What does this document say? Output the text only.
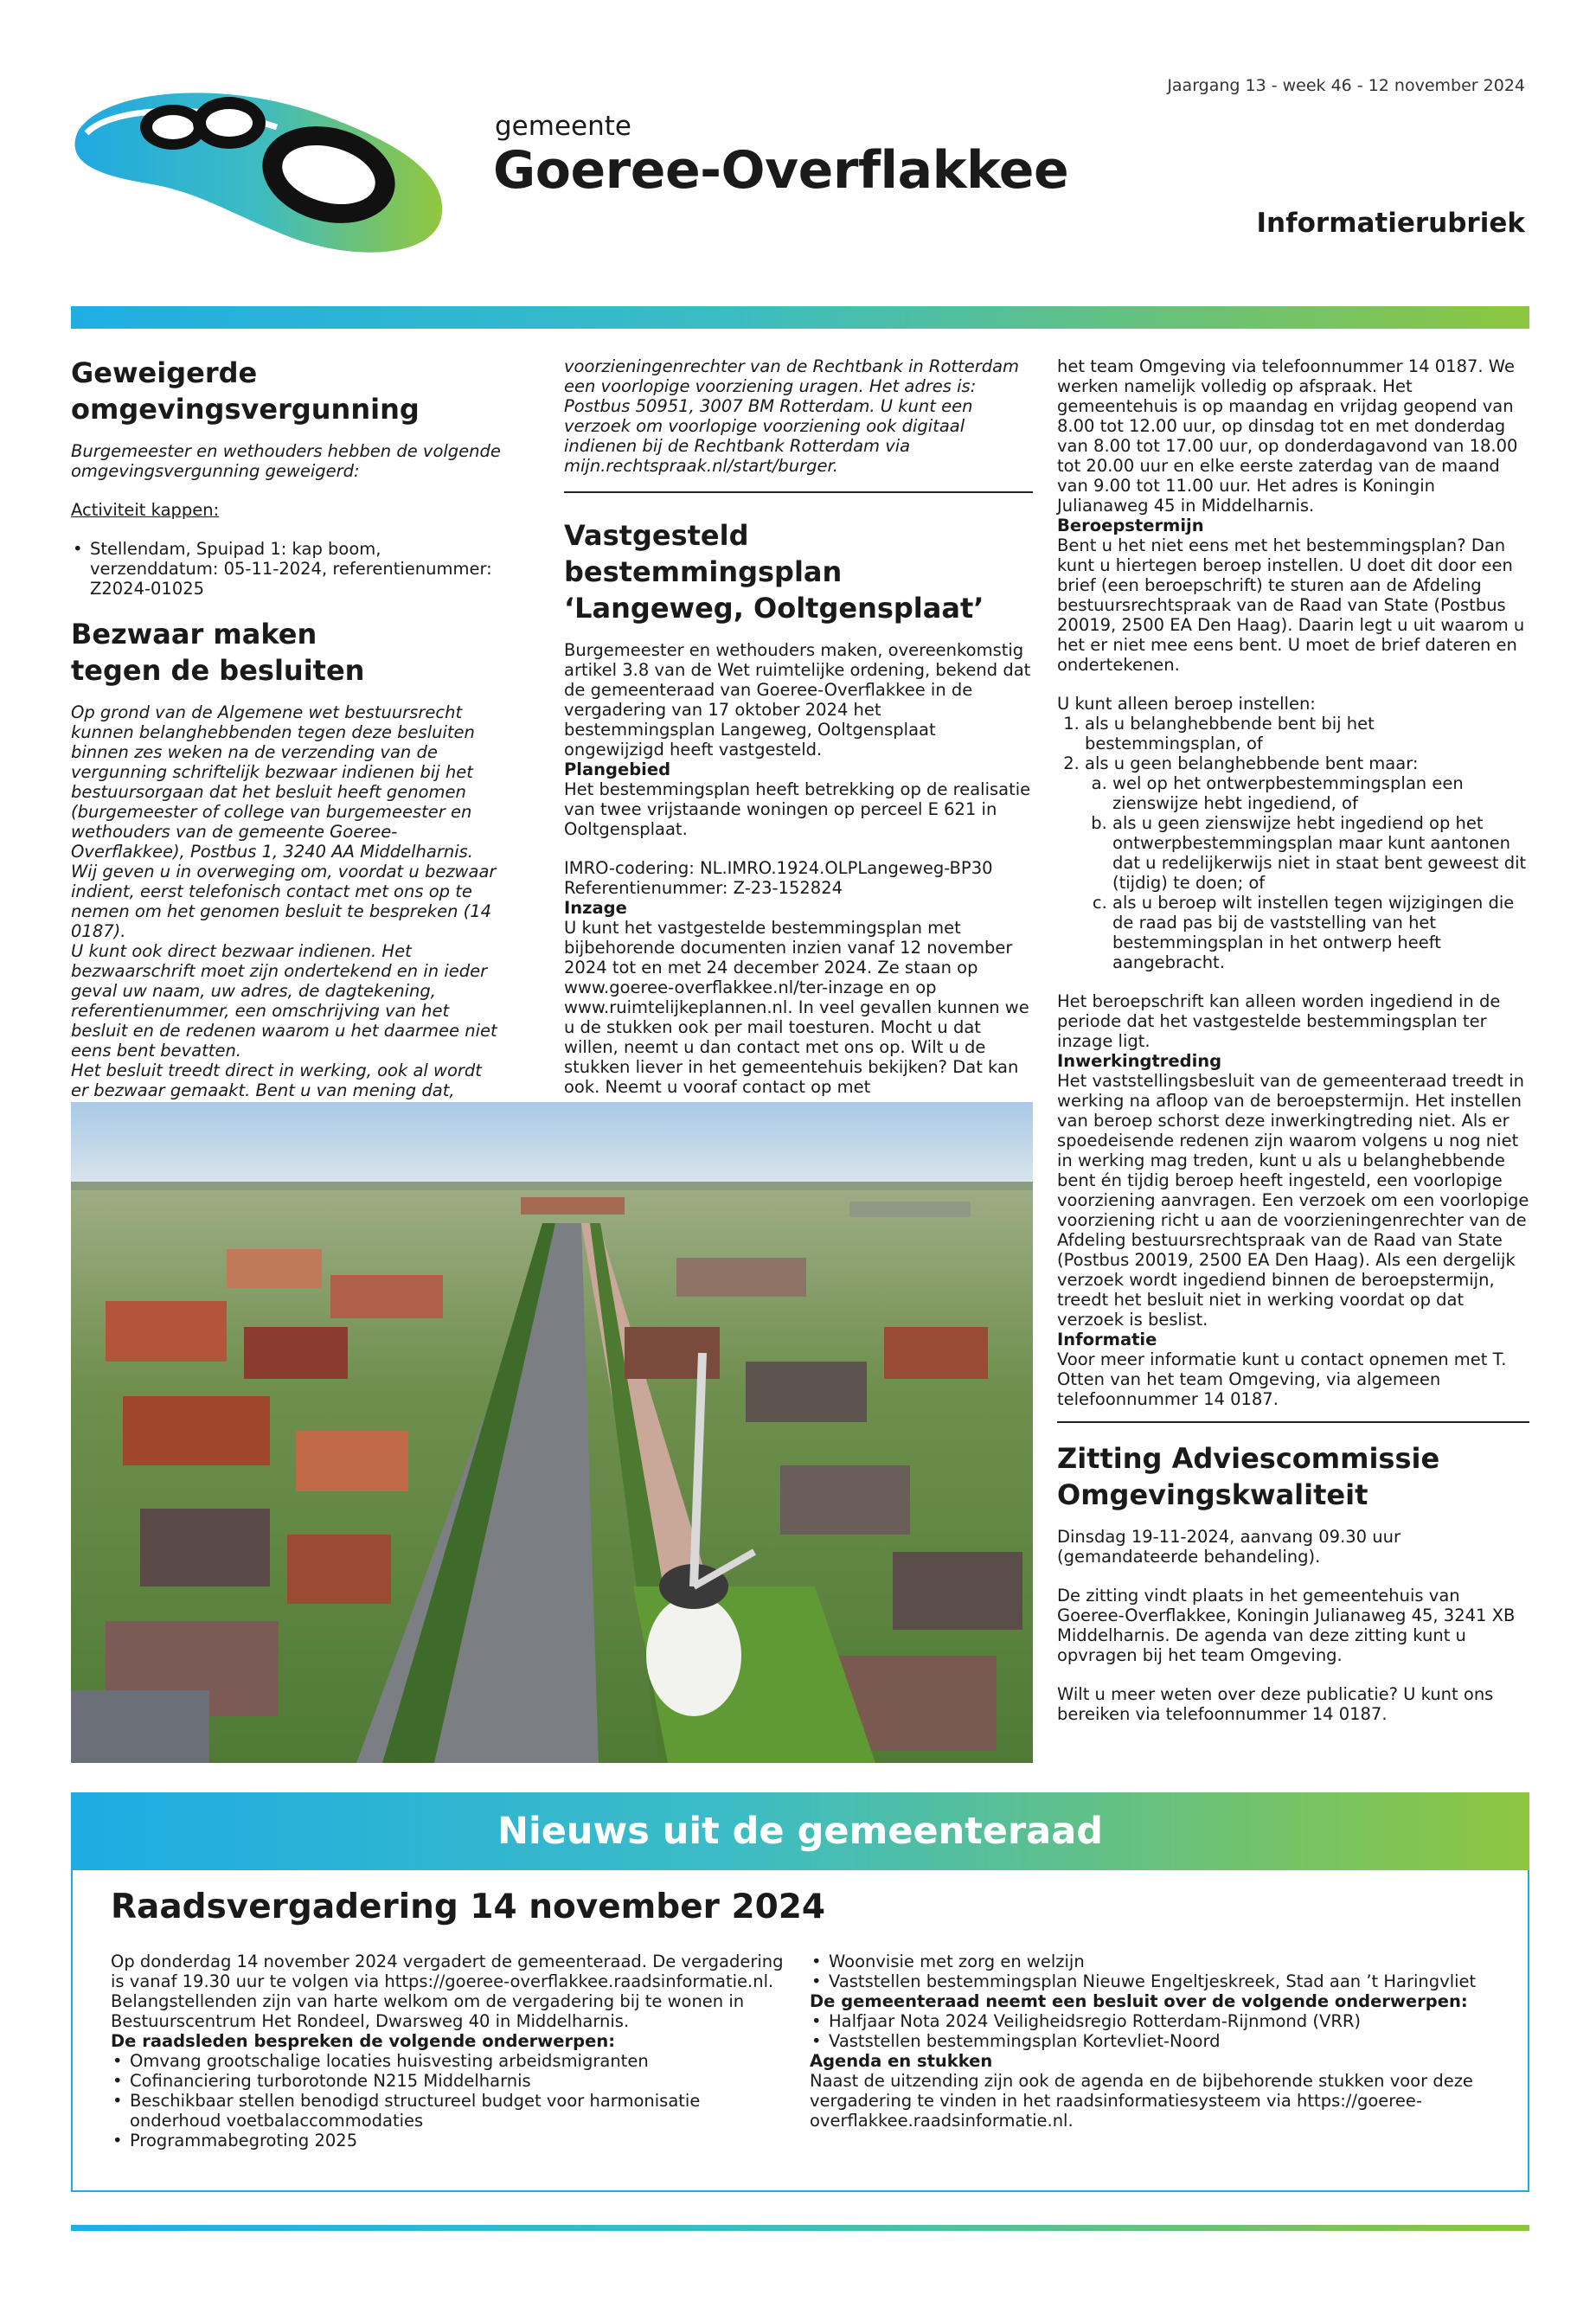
Jaargang 13 - week 46 - 12 november 2024
gemeente
Goeree-Overflakkee
Informatierubriek
Geweigerde
omgevingsvergunning

Burgemeester en wethouders hebben de volgende omgevingsvergunning geweigerd:

Activiteit kappen:

• Stellendam, Spuipad 1: kap boom, verzenddatum: 05-11-2024, referentienummer: Z2024-01025
Bezwaar maken
tegen de besluiten

Op grond van de Algemene wet bestuursrecht kunnen belanghebbenden tegen deze besluiten binnen zes weken na de verzending van de vergunning schriftelijk bezwaar indienen bij het bestuursorgaan dat het besluit heeft genomen (burgemeester of college van burgemeester en wethouders van de gemeente Goeree-Overflakkee), Postbus 1, 3240 AA Middelharnis.

Wij geven u in overweging om, voordat u bezwaar indient, eerst telefonisch contact met ons op te nemen om het genomen besluit te bespreken (14 0187).

U kunt ook direct bezwaar indienen. Het bezwaarschrift moet zijn ondertekend en in ieder geval uw naam, uw adres, de dagtekening, referentienummer, een omschrijving van het besluit en de redenen waarom u het daarmee niet eens bent bevatten.

Het besluit treedt direct in werking, ook al wordt er bezwaar gemaakt. Bent u van mening dat,

voorzieningenrechter van de Rechtbank in Rotterdam een voorlopige voorziening uragen. Het adres is: Postbus 50951, 3007 BM Rotterdam. U kunt een verzoek om voorlopige voorziening ook digitaal indienen bij de Rechtbank Rotterdam via mijn.rechtspraak.nl/start/burger.

Vastgesteld bestemmingsplan
‘Langeweg, Ooltgensplaat’

Burgemeester en wethouders maken, overeenkomstig artikel 3.8 van de Wet ruimtelijke ordening, bekend dat de gemeenteraad van Goeree-Overflakkee in de vergadering van 17 oktober 2024 het bestemmingsplan Langeweg, Ooltgensplaat ongewijzigd heeft vastgesteld.

Plangebied

Het bestemmingsplan heeft betrekking op de realisatie van twee vrijstaande woningen op perceel E 621 in Ooltgensplaat.

IMRO-codering: NL.IMRO.1924.OLPLangeweg-BP30

Referentienummer: Z-23-152824

Inzage

U kunt het vastgestelde bestemmingsplan met bijbehorende documenten inzien vanaf 12 november 2024 tot en met 24 december 2024. Ze staan op www.goeree-overflakkee.nl/ter-inzage en op www.ruimtelijkeplannen.nl. In veel gevallen kunnen we u de stukken ook per mail toesturen. Mocht u dat willen, neemt u dan contact met ons op. Wilt u de stukken liever in het gemeentehuis bekijken? Dat kan ook. Neemt u vooraf contact op met

het team Omgeving via telefoonnummer 14 0187. We werken namelijk volledig op afspraak. Het gemeentehuis is op maandag en vrijdag geopend van 8.00 tot 12.00 uur, op dinsdag tot en met donderdag van 8.00 tot 17.00 uur, op donderdagavond van 18.00 tot 20.00 uur en elke eerste zaterdag van de maand van 9.00 tot 11.00 uur. Het adres is Koningin Julianaweg 45 in Middelharnis.

Beroepstermijn

Bent u het niet eens met het bestemmingsplan? Dan kunt u hiertegen beroep instellen. U doet dit door een brief (een beroepschrift) te sturen aan de Afdeling bestuursrechtspraak van de Raad van State (Postbus 20019, 2500 EA Den Haag). Daarin legt u uit waarom u het er niet mee eens bent. U moet de brief dateren en ondertekenen.

U kunt alleen beroep instellen:

1. als u belanghebbende bent bij het bestemmingsplan, of
2. als u geen belanghebbende bent maar:
a. wel op het ontwerpbestemmingsplan een zienswijze hebt ingediend, of
b. als u geen zienswijze hebt ingediend op het ontwerpbestemmingsplan maar kunt aantonen dat u redelijkerwijs niet in staat bent geweest dit (tijdig) te doen; of
c. als u beroep wilt instellen tegen wijzigingen die de raad pas bij de vaststelling van het bestemmingsplan in het ontwerp heeft aangebracht.

Het beroepschrift kan alleen worden ingediend in de periode dat het vastgestelde bestemmingsplan ter inzage ligt.

Inwerkingtreding

Het vaststellingsbesluit van de gemeenteraad treedt in werking na afloop van de beroepstermijn. Het instellen van beroep schorst deze inwerkingtreding niet. Als er spoedeisende redenen zijn waarom volgens u nog niet in werking mag treden, kunt u als u belanghebbende bent én tijdig beroep heeft ingesteld, een voorlopige voorziening aanvragen. Een verzoek om een voorlopige voorziening richt u aan de voorzieningenrechter van de Afdeling bestuursrechtspraak van de Raad van State (Postbus 20019, 2500 EA Den Haag). Als een dergelijk verzoek wordt ingediend binnen de beroepstermijn, treedt het besluit niet in werking voordat op dat verzoek is beslist.

Informatie

Voor meer informatie kunt u contact opnemen met T. Otten van het team Omgeving, via algemeen telefoonnummer 14 0187.

Zitting Adviescommissie
Omgevingskwaliteit

Dinsdag 19-11-2024, aanvang 09.30 uur (gemandateerde behandeling).

De zitting vindt plaats in het gemeentehuis van Goeree-Overflakkee, Koningin Julianaweg 45, 3241 XB Middelharnis. De agenda van deze zitting kunt u opvragen bij het team Omgeving.

Wilt u meer weten over deze publicatie? U kunt ons bereiken via telefoonnummer 14 0187.

Nieuws uit de gemeenteraad
Raadsvergadering 14 november 2024

Op donderdag 14 november 2024 vergadert de gemeenteraad. De vergadering is vanaf 19.30 uur te volgen via https://goeree-overflakkee.raadsinformatie.nl. Belangstellenden zijn van harte welkom om de vergadering bij te wonen in Bestuurscentrum Het Rondeel, Dwarsweg 40 in Middelharnis.

De raadsleden bespreken de volgende onderwerpen:

• Omvang grootschalige locaties huisvesting arbeidsmigranten
• Cofinanciering turborotonde N215 Middelharnis
• Beschikbaar stellen benodigd structureel budget voor harmonisatie onderhoud voetbalaccommodaties
• Programmabegroting 2025
• Woonvisie met zorg en welzijn
• Vaststellen bestemmingsplan Nieuwe Engeltjeskreek, Stad aan ’t Haringvliet

De gemeenteraad neemt een besluit over de volgende onderwerpen:

• Halfjaar Nota 2024 Veiligheidsregio Rotterdam-Rijnmond (VRR)
• Vaststellen bestemmingsplan Kortevliet-Noord

Agenda en stukken

Naast de uitzending zijn ook de agenda en de bijbehorende stukken voor deze vergadering te vinden in het raadsinformatiesysteem via https://goeree-overflakkee.raadsinformatie.nl.
